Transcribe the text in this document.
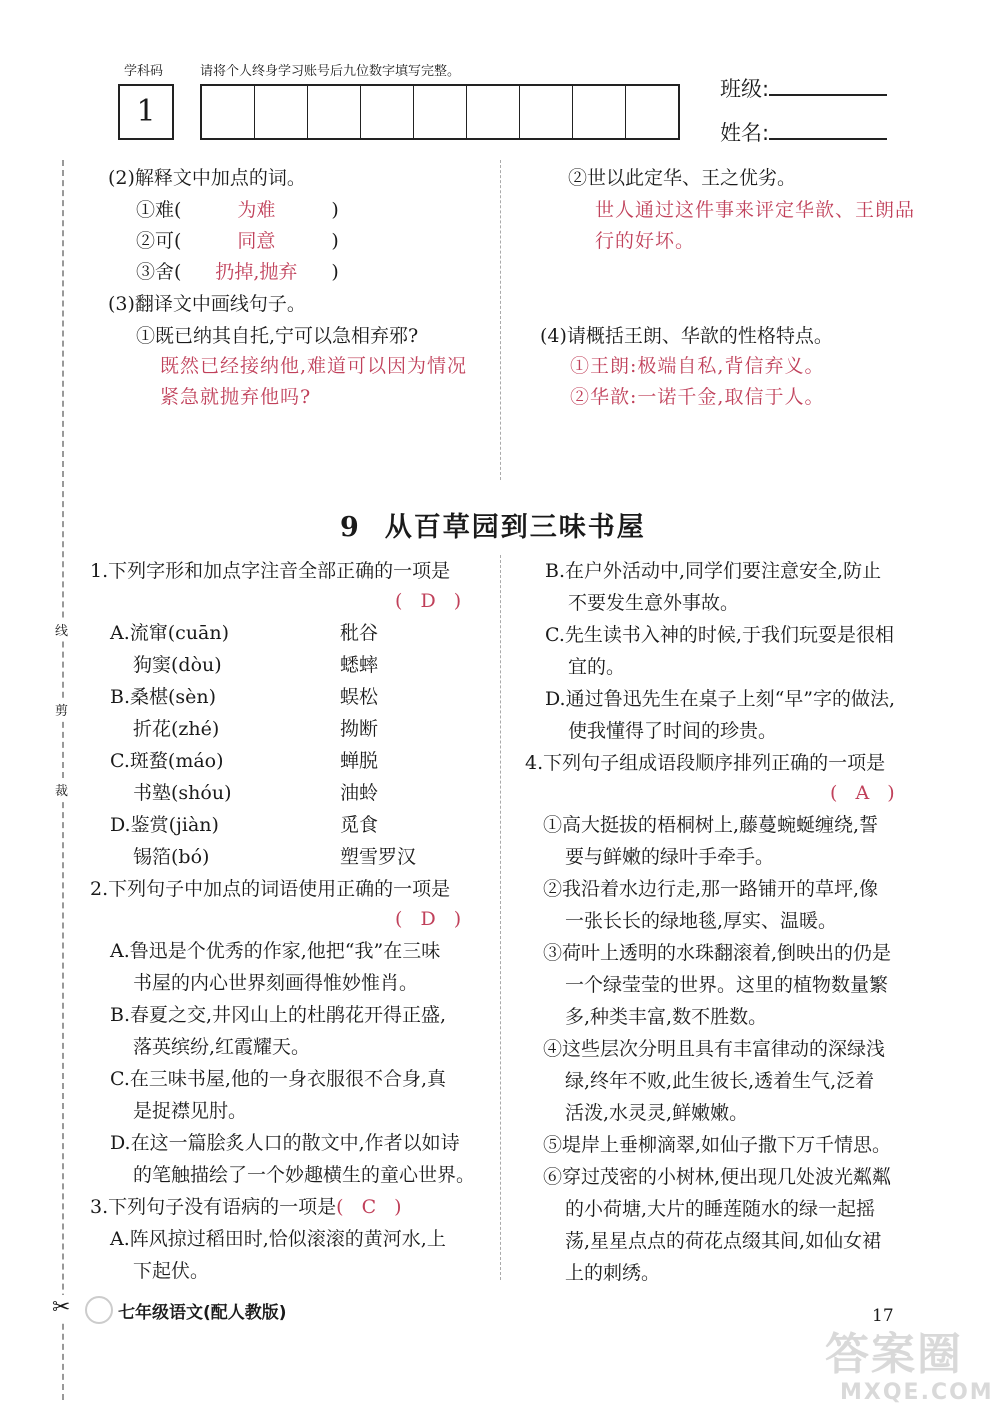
学科码	请将个人终身学习账号后九位数字填写完整。
1
班级:
姓名:
线
剪
裁
✂
(2)解释文中加点的词。
①难(	为难	)
②可(	同意	)
③舍( 扔掉,抛弃 )
(3)翻译文中画线句子。
①既已纳其自托,宁可以急相弃邪?
既然已经接纳他,难道可以因为情况
紧急就抛弃他吗?
②世以此定华、王之优劣。
世人通过这件事来评定华歆、王朗品
行的好坏。
(4)请概括王朗、华歆的性格特点。
①王朗:极端自私,背信弃义。
②华歆:一诺千金,取信于人。
9 从百草园到三味书屋
1.下列字形和加点字注音全部正确的一项是
( D )
A.流窜(cuān)	秕谷
狗窦(dòu)	蟋蟀
B.桑椹(sèn)	蜈松
折花(zhé)	拗断
C.斑蝥(máo)	蝉脱
书塾(shóu)	油蛉
D.鉴赏(jiàn)	觅食
锡箔(bó)	塑雪罗汉
2.下列句子中加点的词语使用正确的一项是
( D )
A.鲁迅是个优秀的作家,他把“我”在三味
书屋的内心世界刻画得惟妙惟肖。
B.春夏之交,井冈山上的杜鹃花开得正盛,
落英缤纷,红霞耀天。
C.在三味书屋,他的一身衣服很不合身,真
是捉襟见肘。
D.在这一篇脍炙人口的散文中,作者以如诗
的笔触描绘了一个妙趣横生的童心世界。
3.下列句子没有语病的一项是( C )
A.阵风掠过稻田时,恰似滚滚的黄河水,上
下起伏。
B.在户外活动中,同学们要注意安全,防止
不要发生意外事故。
C.先生读书入神的时候,于我们玩耍是很相
宜的。
D.通过鲁迅先生在桌子上刻“早”字的做法,
使我懂得了时间的珍贵。
4.下列句子组成语段顺序排列正确的一项是
( A )
①高大挺拔的梧桐树上,藤蔓蜿蜒缠绕,誓
要与鲜嫩的绿叶手牵手。
②我沿着水边行走,那一路铺开的草坪,像
一张长长的绿地毯,厚实、温暖。
③荷叶上透明的水珠翻滚着,倒映出的仍是
一个绿莹莹的世界。这里的植物数量繁
多,种类丰富,数不胜数。
④这些层次分明且具有丰富律动的深绿浅
绿,终年不败,此生彼长,透着生气,泛着
活泼,水灵灵,鲜嫩嫩。
⑤堤岸上垂柳滴翠,如仙子撒下万千情思。
⑥穿过茂密的小树林,便出现几处波光粼粼
的小荷塘,大片的睡莲随水的绿一起摇
荡,星星点点的荷花点缀其间,如仙女裙
上的刺绣。
七年级语文(配人教版)	17
答案圈
MXQE.COM
